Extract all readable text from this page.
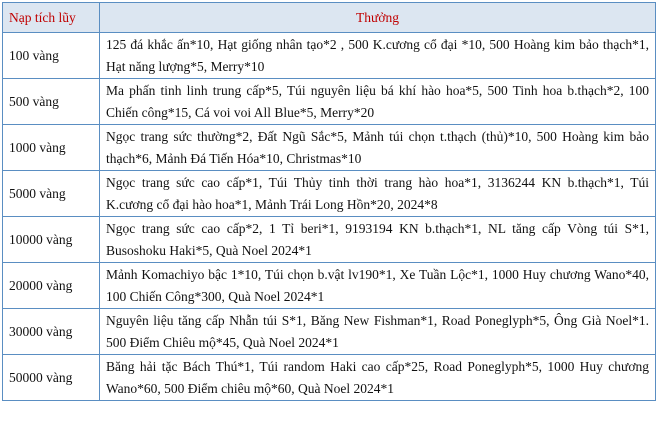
Nạp tích lũy	Thưởng
100 vàng	125 đá khắc ấn*10, Hạt giống nhân tạo*2 , 500 K.cương cổ đại *10, 500 Hoàng kim bảo thạch*1, Hạt năng lượng*5, Merry*10
500 vàng	Ma phấn tinh linh trung cấp*5, Túi nguyên liệu bá khí hào hoa*5, 500 Tinh hoa b.thạch*2, 100 Chiến công*15, Cá voi voi All Blue*5, Merry*20
1000 vàng	Ngọc trang sức thường*2, Đất Ngũ Sắc*5, Mảnh túi chọn t.thạch (thủ)*10, 500 Hoàng kim bảo thạch*6, Mảnh Đá Tiến Hóa*10, Christmas*10
5000 vàng	Ngọc trang sức cao cấp*1, Túi Thủy tinh thời trang hào hoa*1, 3136244 KN b.thạch*1, Túi K.cương cổ đại hào hoa*1, Mảnh Trái Long Hồn*20, 2024*8
10000 vàng	Ngọc trang sức cao cấp*2, 1 Tỉ beri*1, 9193194 KN b.thạch*1, NL tăng cấp Vòng túi S*1, Busoshoku Haki*5, Quà Noel 2024*1
20000 vàng	Mảnh Komachiyo bậc 1*10, Túi chọn b.vật lv190*1, Xe Tuần Lộc*1, 1000 Huy chương Wano*40, 100 Chiến Công*300, Quà Noel 2024*1
30000 vàng	Nguyên liệu tăng cấp Nhẫn túi S*1, Băng New Fishman*1, Road Poneglyph*5, Ông Già Noel*1. 500 Điểm Chiêu mộ*45, Quà Noel 2024*1
50000 vàng	Băng hải tặc Bách Thú*1, Túi random Haki cao cấp*25, Road Poneglyph*5, 1000 Huy chương Wano*60, 500 Điểm chiêu mộ*60, Quà Noel 2024*1
